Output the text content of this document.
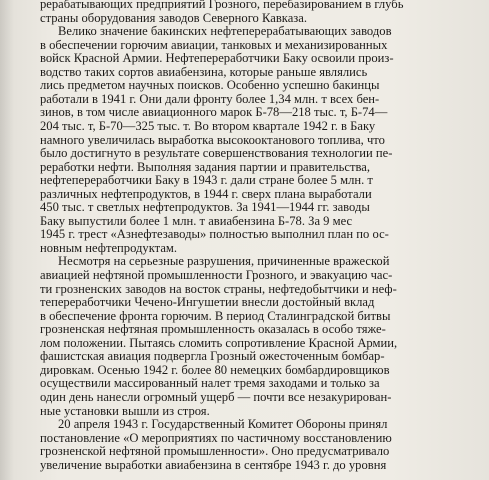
рерабатывающих предприятий Грозного, перебазированием в глубь
страны оборудования заводов Северного Кавказа.
Велико значение бакинских нефтеперерабатывающих заводов
в обеспечении горючим авиации, танковых и механизированных
войск Красной Армии. Нефтепереработчики Баку освоили произ-
водство таких сортов авиабензина, которые раньше являлись
лись предметом научных поисков. Особенно успешно бакинцы
работали в 1941 г. Они дали фронту более 1,34 млн. т всех бен-
зинов, в том числе авиационного марок Б-78—218 тыс. т, Б-74—
204 тыс. т, Б-70—325 тыс. т. Во втором квартале 1942 г. в Баку
намного увеличилась выработка высокооктанового топлива, что
было достигнуто в результате совершенствования технологии пе-
реработки нефти. Выполняя задания партии и правительства,
нефтепереработчики Баку в 1943 г. дали стране более 5 млн. т
различных нефтепродуктов, в 1944 г. сверх плана выработали
450 тыс. т светлых нефтепродуктов. За 1941—1944 гг. заводы
Баку выпустили более 1 млн. т авиабензина Б-78. За 9 мес
1945 г. трест «Азнефтезаводы» полностью выполнил план по ос-
новным нефтепродуктам.
Несмотря на серьезные разрушения, причиненные вражеской
авиацией нефтяной промышленности Грозного, и эвакуацию час-
ти грозненских заводов на восток страны, нефтедобытчики и неф-
тепереработчики Чечено-Ингушетии внесли достойный вклад
в обеспечение фронта горючим. В период Сталинградской битвы
грозненская нефтяная промышленность оказалась в особо тяже-
лом положении. Пытаясь сломить сопротивление Красной Армии,
фашистская авиация подвергла Грозный ожесточенным бомбар-
дировкам. Осенью 1942 г. более 80 немецких бомбардировщиков
осуществили массированный налет тремя заходами и только за
один день нанесли огромный ущерб — почти все незакурирован-
ные установки вышли из строя.
20 апреля 1943 г. Государственный Комитет Обороны принял
постановление «О мероприятиях по частичному восстановлению
грозненской нефтяной промышленности». Оно предусматривало
увеличение выработки авиабензина в сентябре 1943 г. до уровня
